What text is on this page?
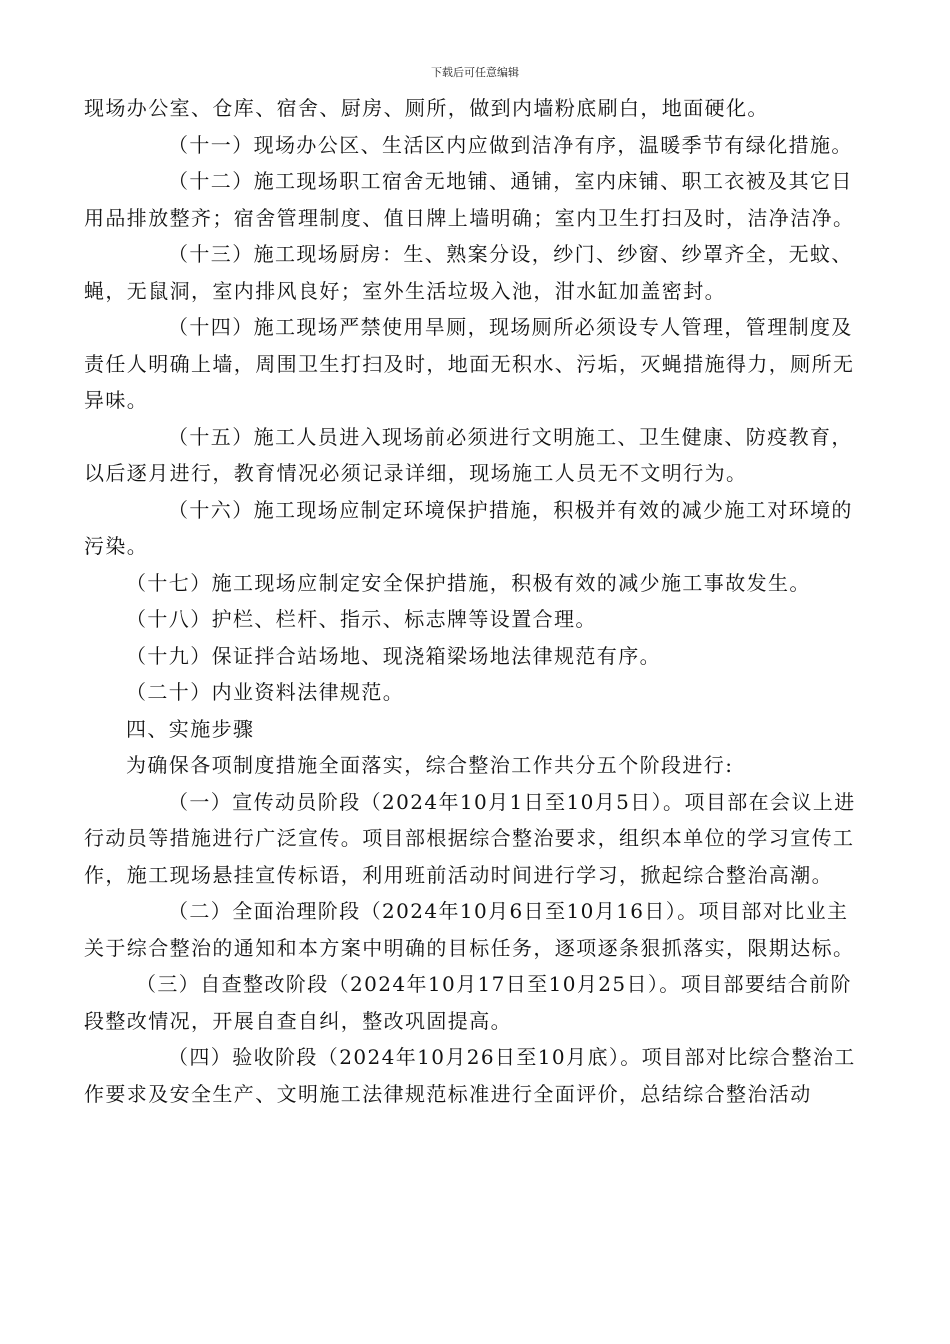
下载后可任意编辑

现场办公室、仓库、宿舍、厨房、厕所，做到内墙粉底刷白，地面硬化。

（十一）现场办公区、生活区内应做到洁净有序，温暖季节有绿化措施。

（十二）施工现场职工宿舍无地铺、通铺，室内床铺、职工衣被及其它日用品排放整齐；宿舍管理制度、值日牌上墙明确；室内卫生打扫及时，洁净洁净。

（十三）施工现场厨房：生、熟案分设，纱门、纱窗、纱罩齐全，无蚊、蝇，无鼠洞，室内排风良好；室外生活垃圾入池，泔水缸加盖密封。

（十四）施工现场严禁使用旱厕，现场厕所必须设专人管理，管理制度及责任人明确上墙，周围卫生打扫及时，地面无积水、污垢，灭蝇措施得力，厕所无异味。

（十五）施工人员进入现场前必须进行文明施工、卫生健康、防疫教育，以后逐月进行，教育情况必须记录详细，现场施工人员无不文明行为。

（十六）施工现场应制定环境保护措施，积极并有效的减少施工对环境的污染。

（十七）施工现场应制定安全保护措施，积极有效的减少施工事故发生。

（十八）护栏、栏杆、指示、标志牌等设置合理。

（十九）保证拌合站场地、现浇箱梁场地法律规范有序。

（二十）内业资料法律规范。

四、实施步骤

为确保各项制度措施全面落实，综合整治工作共分五个阶段进行:

（一）宣传动员阶段（2024年10月1日至10月5日）。项目部在会议上进行动员等措施进行广泛宣传。项目部根据综合整治要求，组织本单位的学习宣传工作，施工现场悬挂宣传标语，利用班前活动时间进行学习，掀起综合整治高潮。

（二）全面治理阶段（2024年10月6日至10月16日）。项目部对比业主关于综合整治的通知和本方案中明确的目标任务，逐项逐条狠抓落实，限期达标。

（三）自查整改阶段（2024年10月17日至10月25日）。项目部要结合前阶段整改情况，开展自查自纠，整改巩固提高。

（四）验收阶段（2024年10月26日至10月底）。项目部对比综合整治工作要求及安全生产、文明施工法律规范标准进行全面评价，总结综合整治活动
